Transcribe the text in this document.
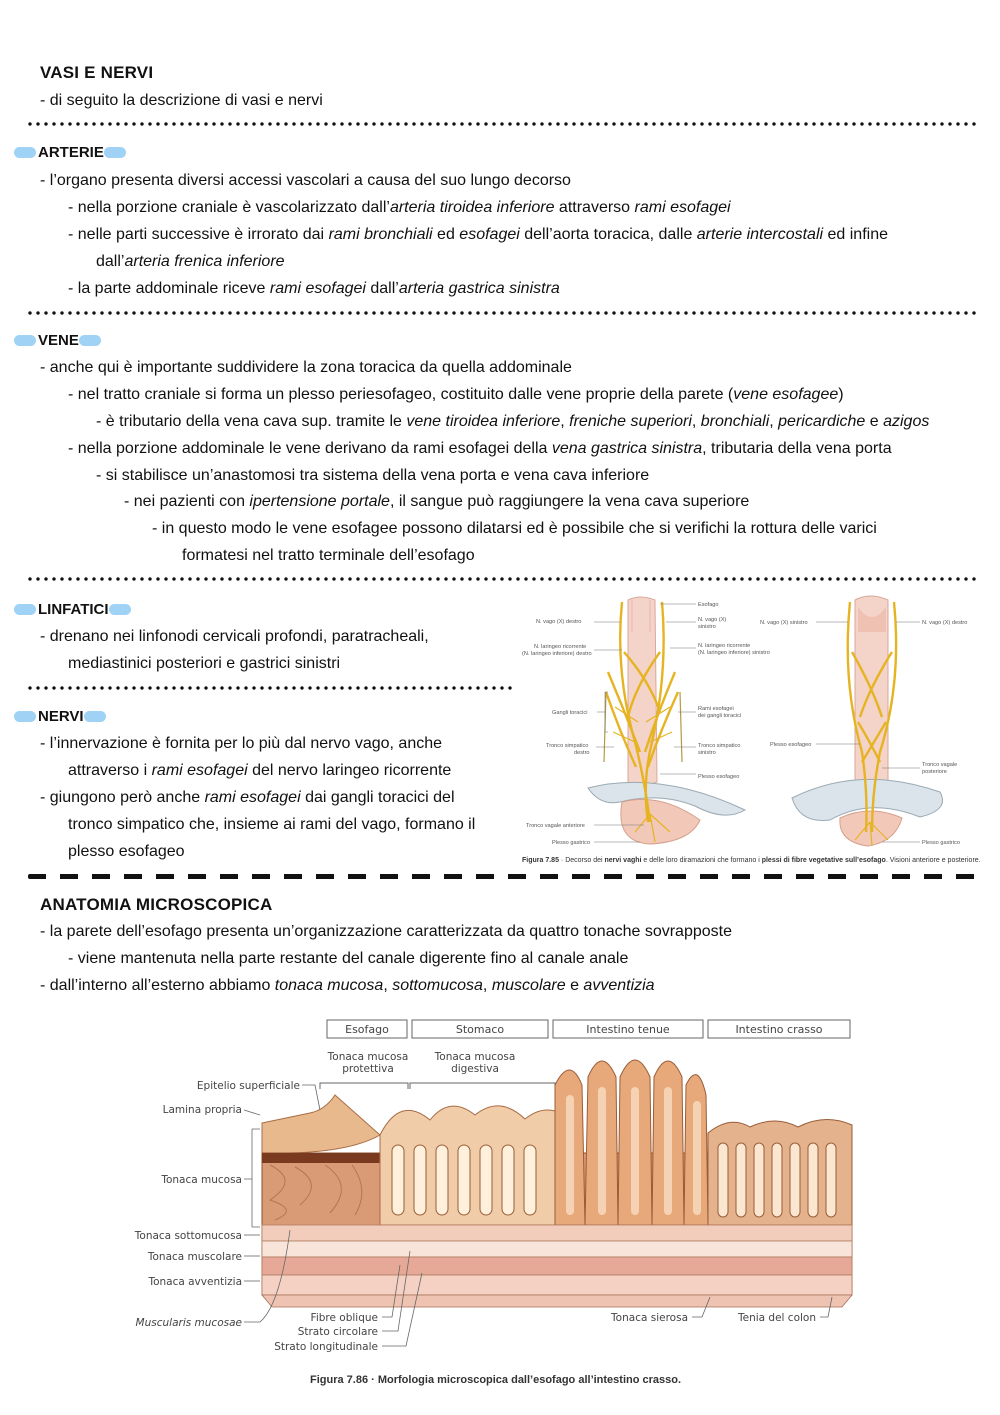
VASI E NERVI
- di seguito la descrizione di vasi e nervi
ARTERIE
- l’organo presenta diversi accessi vascolari a causa del suo lungo decorso
- nella porzione craniale è vascolarizzato dall’arteria tiroidea inferiore attraverso rami esofagei
- nelle parti successive è irrorato dai rami bronchiali ed esofagei dell’aorta toracica, dalle arterie intercostali ed infine
dall’arteria frenica inferiore
- la parte addominale riceve rami esofagei dall’arteria gastrica sinistra
VENE
- anche qui è importante suddividere la zona toracica da quella addominale
- nel tratto craniale si forma un plesso periesofageo, costituito dalle vene proprie della parete (vene esofagee)
- è tributario della vena cava sup. tramite le vene tiroidea inferiore, freniche superiori, bronchiali, pericardiche e azigos
- nella porzione addominale le vene derivano da rami esofagei della vena gastrica sinistra, tributaria della vena porta
- si stabilisce un’anastomosi tra sistema della vena porta e vena cava inferiore
- nei pazienti con ipertensione portale, il sangue può raggiungere la vena cava superiore
- in questo modo le vene esofagee possono dilatarsi ed è possibile che si verifichi la rottura delle varici
formatesi nel tratto terminale dell’esofago
LINFATICI
- drenano nei linfonodi cervicali profondi, paratracheali,
mediastinici posteriori e gastrici sinistri
NERVI
- l’innervazione è fornita per lo più dal nervo vago, anche
attraverso i rami esofagei del nervo laringeo ricorrente
- giungono però anche rami esofagei dai gangli toracici del
tronco simpatico che, insieme ai rami del vago, formano il
plesso esofageo
Esofago
N. vago (X) destro	N. vago (X)
sinistro
N. laringeo ricorrente
(N. laringeo inferiore) destro
N. laringeo ricorrente
(N. laringeo inferiore) sinistro
Gangli toracici
Rami esofagei
dei gangli toracici
Tronco simpatico
destro
Tronco simpatico
sinistro
Plesso esofageo
Tronco vagale anteriore
Plesso gastrico
N. vago (X) sinistro	N. vago (X) destro
Plesso esofageo
Tronco vagale
posteriore
Plesso gastrico
Figura 7.85 · Decorso dei nervi vaghi e delle loro diramazioni che formano i plessi di fibre vegetative sull’esofago. Visioni anteriore e posteriore.
ANATOMIA MICROSCOPICA
- la parete dell’esofago presenta un’organizzazione caratterizzata da quattro tonache sovrapposte
- viene mantenuta nella parte restante del canale digerente fino al canale anale
- dall’interno all’esterno abbiamo tonaca mucosa, sottomucosa, muscolare e avventizia
Esofago	Stomaco	Intestino tenue	Intestino crasso
Tonaca mucosa
protettiva
Tonaca mucosa
digestiva
Epitelio superficiale
Lamina propria
Tonaca mucosa
Tonaca sottomucosa
Tonaca muscolare
Tonaca avventizia
Muscularis mucosae	Fibre oblique
Strato circolare
Strato longitudinale
Tonaca sierosa	Tenia del colon
Figura 7.86 · Morfologia microscopica dall’esofago all’intestino crasso.
